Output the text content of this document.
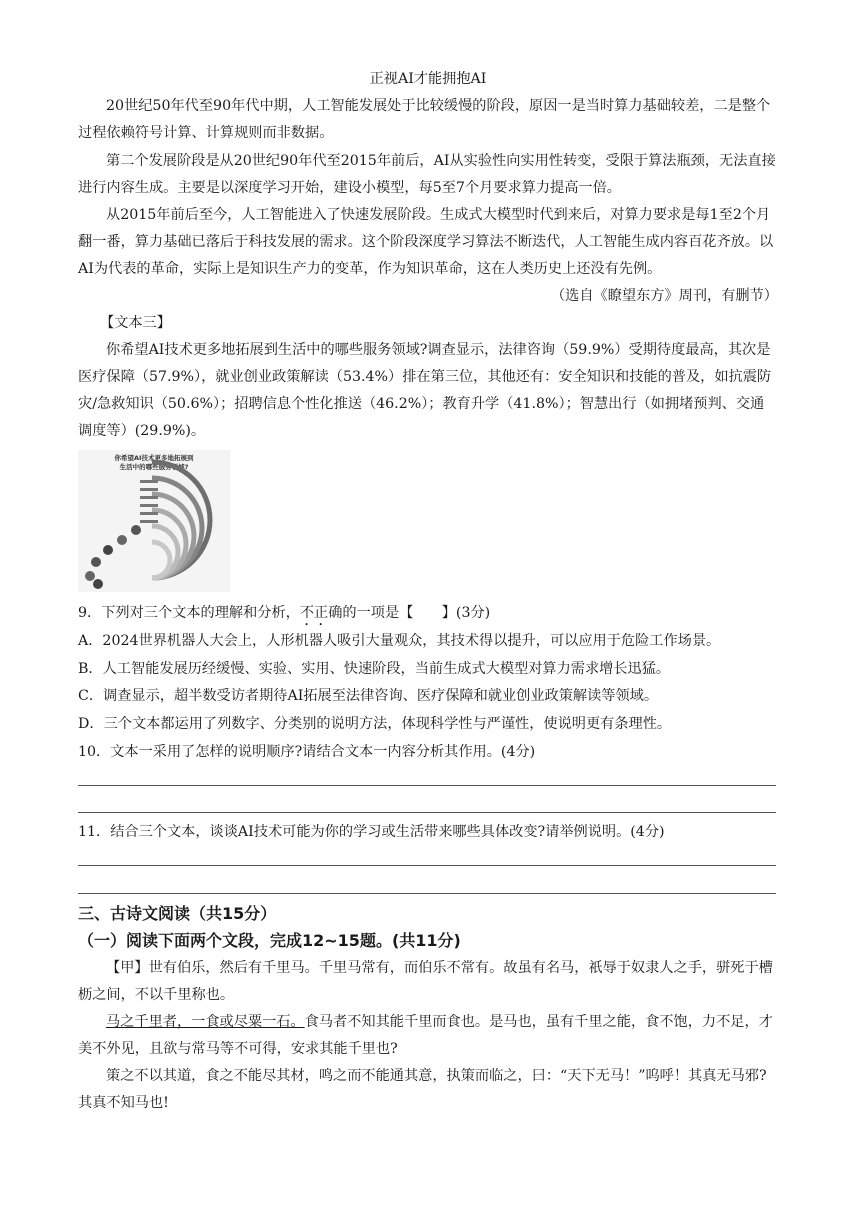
正视AI才能拥抱AI
20世纪50年代至90年代中期，人工智能发展处于比较缓慢的阶段，原因一是当时算力基础较差，二是整个过程依赖符号计算、计算规则而非数据。
第二个发展阶段是从20世纪90年代至2015年前后，AI从实验性向实用性转变，受限于算法瓶颈，无法直接进行内容生成。主要是以深度学习开始，建设小模型，每5至7个月要求算力提高一倍。
从2015年前后至今，人工智能进入了快速发展阶段。生成式大模型时代到来后，对算力要求是每1至2个月翻一番，算力基础已落后于科技发展的需求。这个阶段深度学习算法不断迭代，人工智能生成内容百花齐放。以AI为代表的革命，实际上是知识生产力的变革，作为知识革命，这在人类历史上还没有先例。
（选自《瞭望东方》周刊，有删节）
【文本三】
你希望AI技术更多地拓展到生活中的哪些服务领域?调查显示，法律咨询（59.9%）受期待度最高，其次是医疗保障（57.9%），就业创业政策解读（53.4%）排在第三位，其他还有：安全知识和技能的普及，如抗震防灾/急救知识（50.6%）；招聘信息个性化推送（46.2%）；教育升学（41.8%）；智慧出行（如拥堵预判、交通调度等）(29.9%)。
你希望AI技术更多地拓展到
生活中的哪些服务领域?
9．下列对三个文本的理解和分析，不正确的一项是【　　】(3分)
A．2024世界机器人大会上，人形机器人吸引大量观众，其技术得以提升，可以应用于危险工作场景。
B．人工智能发展历经缓慢、实验、实用、快速阶段，当前生成式大模型对算力需求增长迅猛。
C．调查显示，超半数受访者期待AI拓展至法律咨询、医疗保障和就业创业政策解读等领域。
D．三个文本都运用了列数字、分类别的说明方法，体现科学性与严谨性，使说明更有条理性。
10．文本一采用了怎样的说明顺序?请结合文本一内容分析其作用。(4分)
11．结合三个文本，谈谈AI技术可能为你的学习或生活带来哪些具体改变?请举例说明。(4分)
三、古诗文阅读（共15分）
（一）阅读下面两个文段，完成12~15题。(共11分)
【甲】世有伯乐，然后有千里马。千里马常有，而伯乐不常有。故虽有名马，祇辱于奴隶人之手，骈死于槽枥之间，不以千里称也。
马之千里者，一食或尽粟一石。食马者不知其能千里而食也。是马也，虽有千里之能，食不饱，力不足，才美不外见，且欲与常马等不可得，安求其能千里也?
策之不以其道，食之不能尽其材，鸣之而不能通其意，执策而临之，曰：“天下无马！”呜呼！其真无马邪?其真不知马也!
